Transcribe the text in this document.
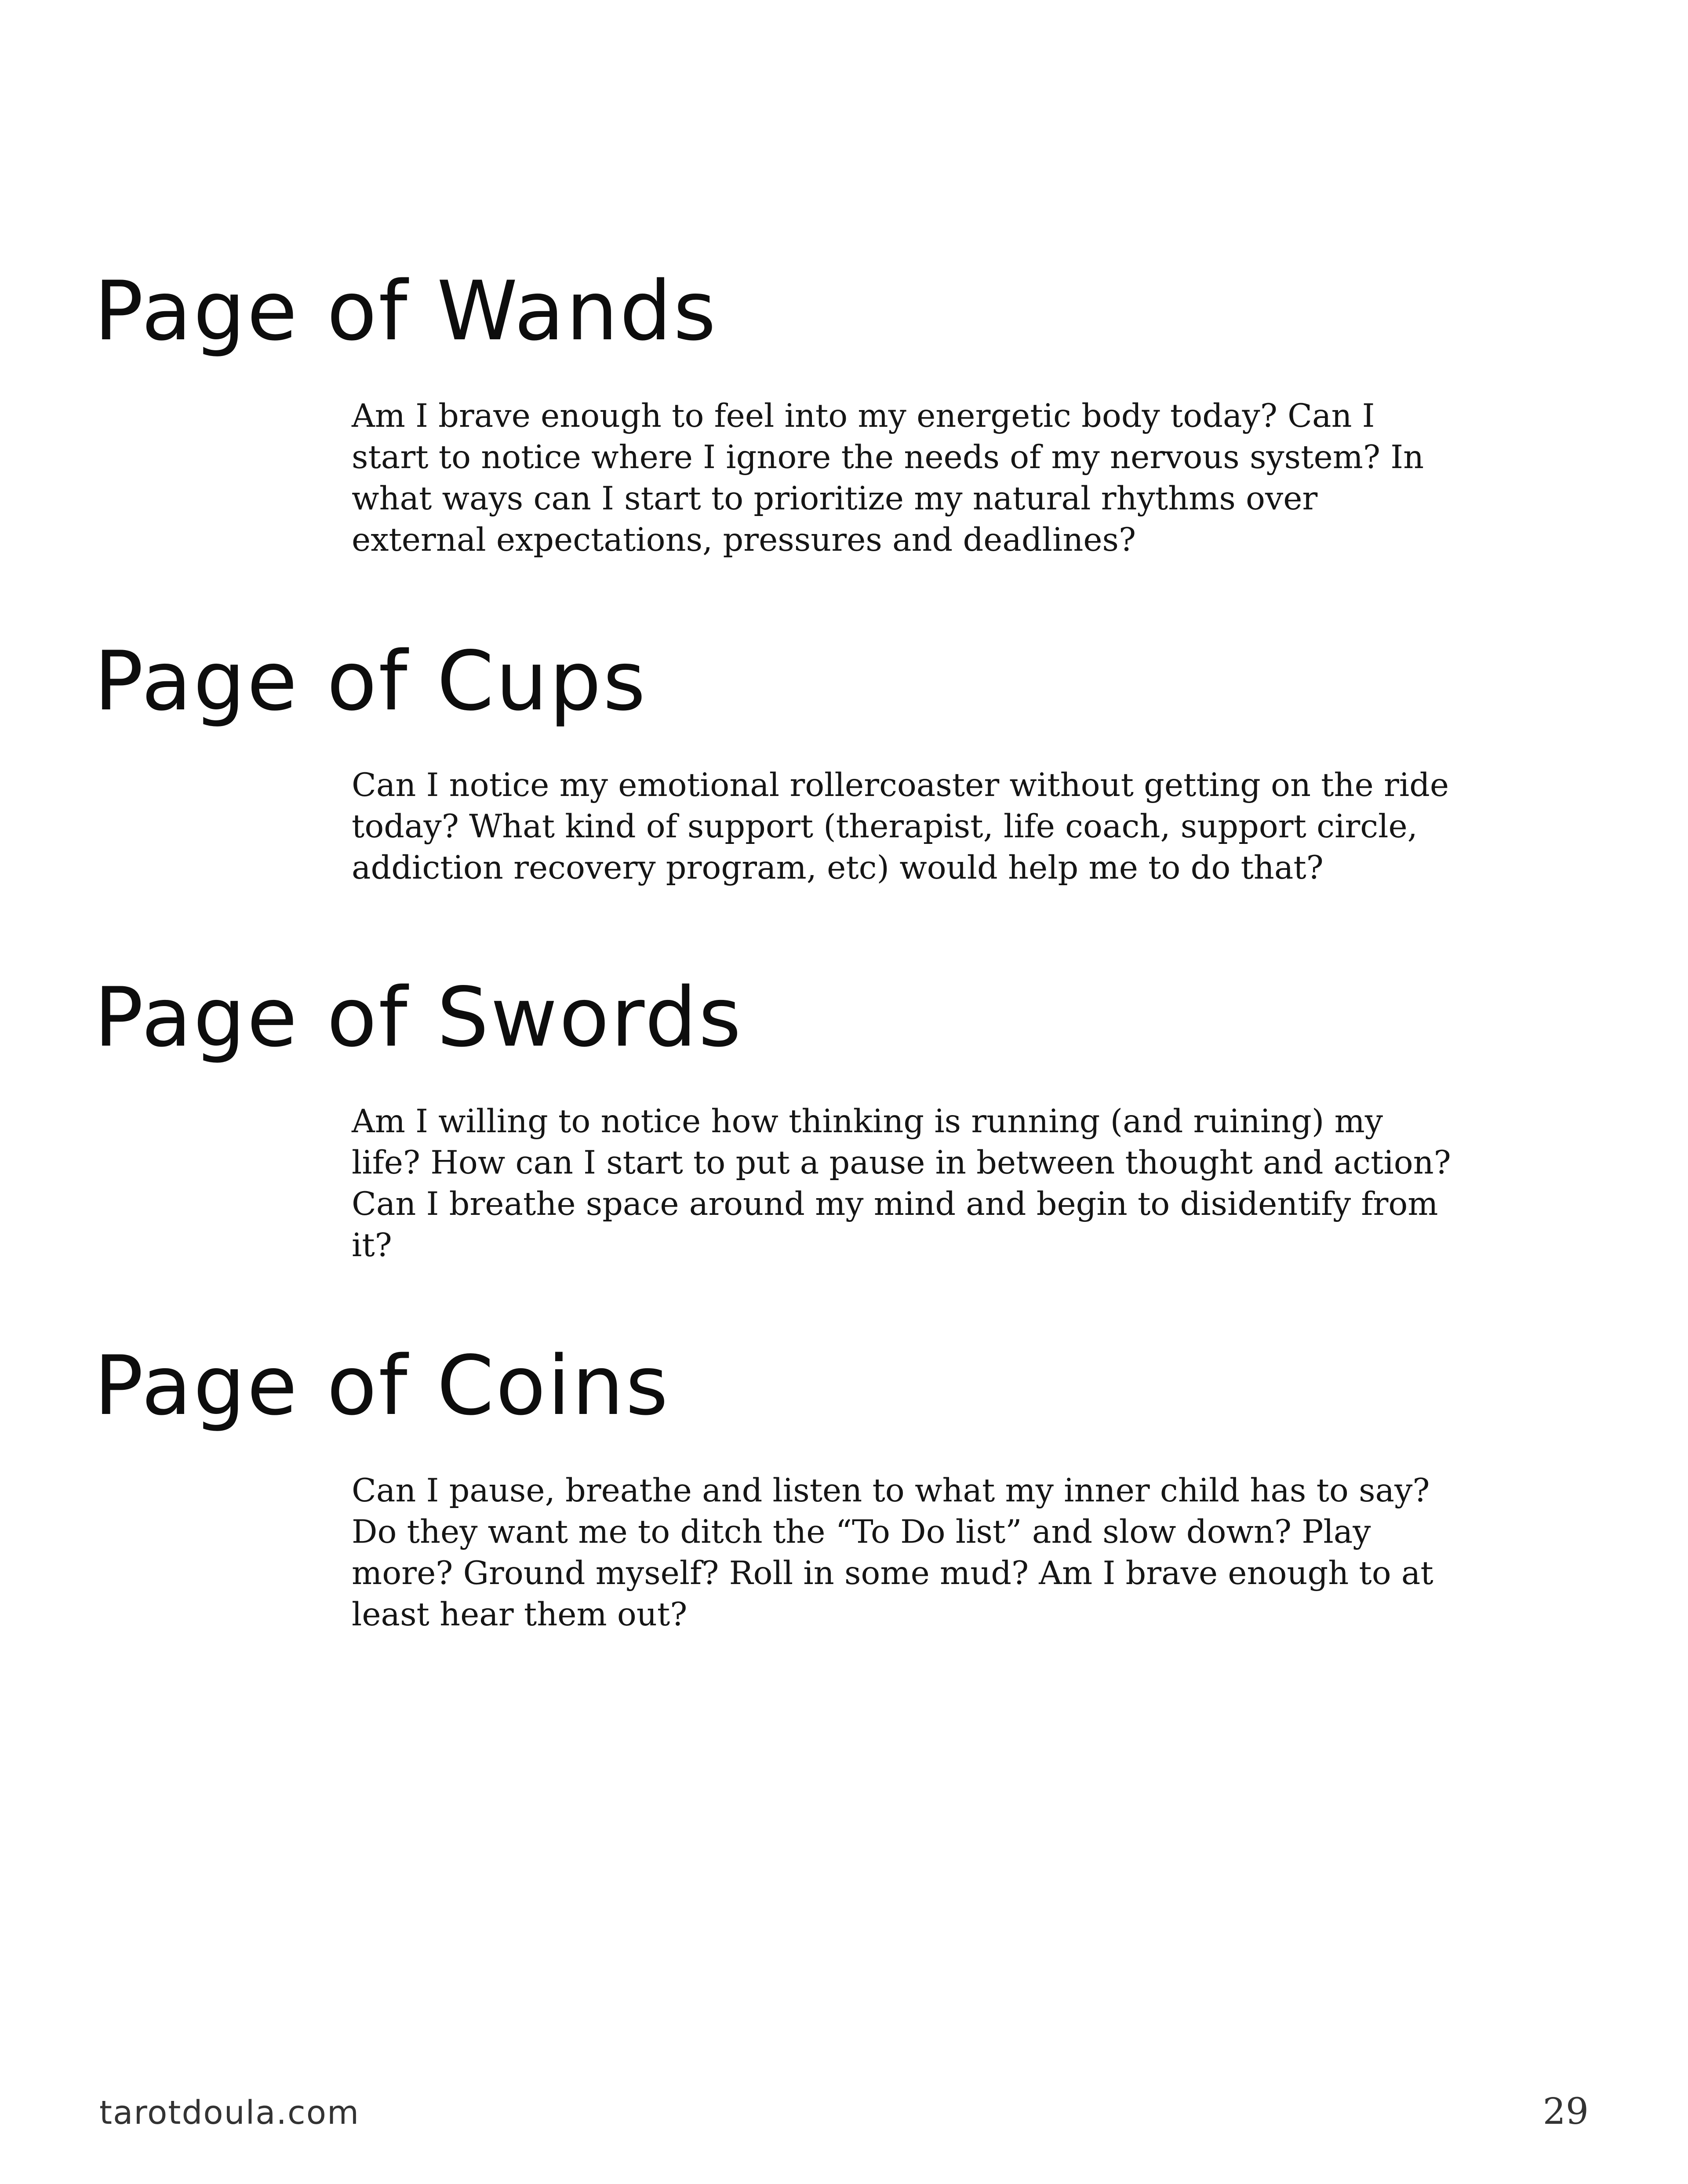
Page of Wands

Am I brave enough to feel into my energetic body today? Can I start to notice where I ignore the needs of my nervous system? In what ways can I start to prioritize my natural rhythms over external expectations, pressures and deadlines?

Page of Cups

Can I notice my emotional rollercoaster without getting on the ride today? What kind of support (therapist, life coach, support circle, addiction recovery program, etc) would help me to do that?

Page of Swords

Am I willing to notice how thinking is running (and ruining) my life? How can I start to put a pause in between thought and action? Can I breathe space around my mind and begin to disidentify from it?

Page of Coins

Can I pause, breathe and listen to what my inner child has to say? Do they want me to ditch the “To Do list” and slow down? Play more? Ground myself? Roll in some mud? Am I brave enough to at least hear them out?

tarotdoula.com	29
